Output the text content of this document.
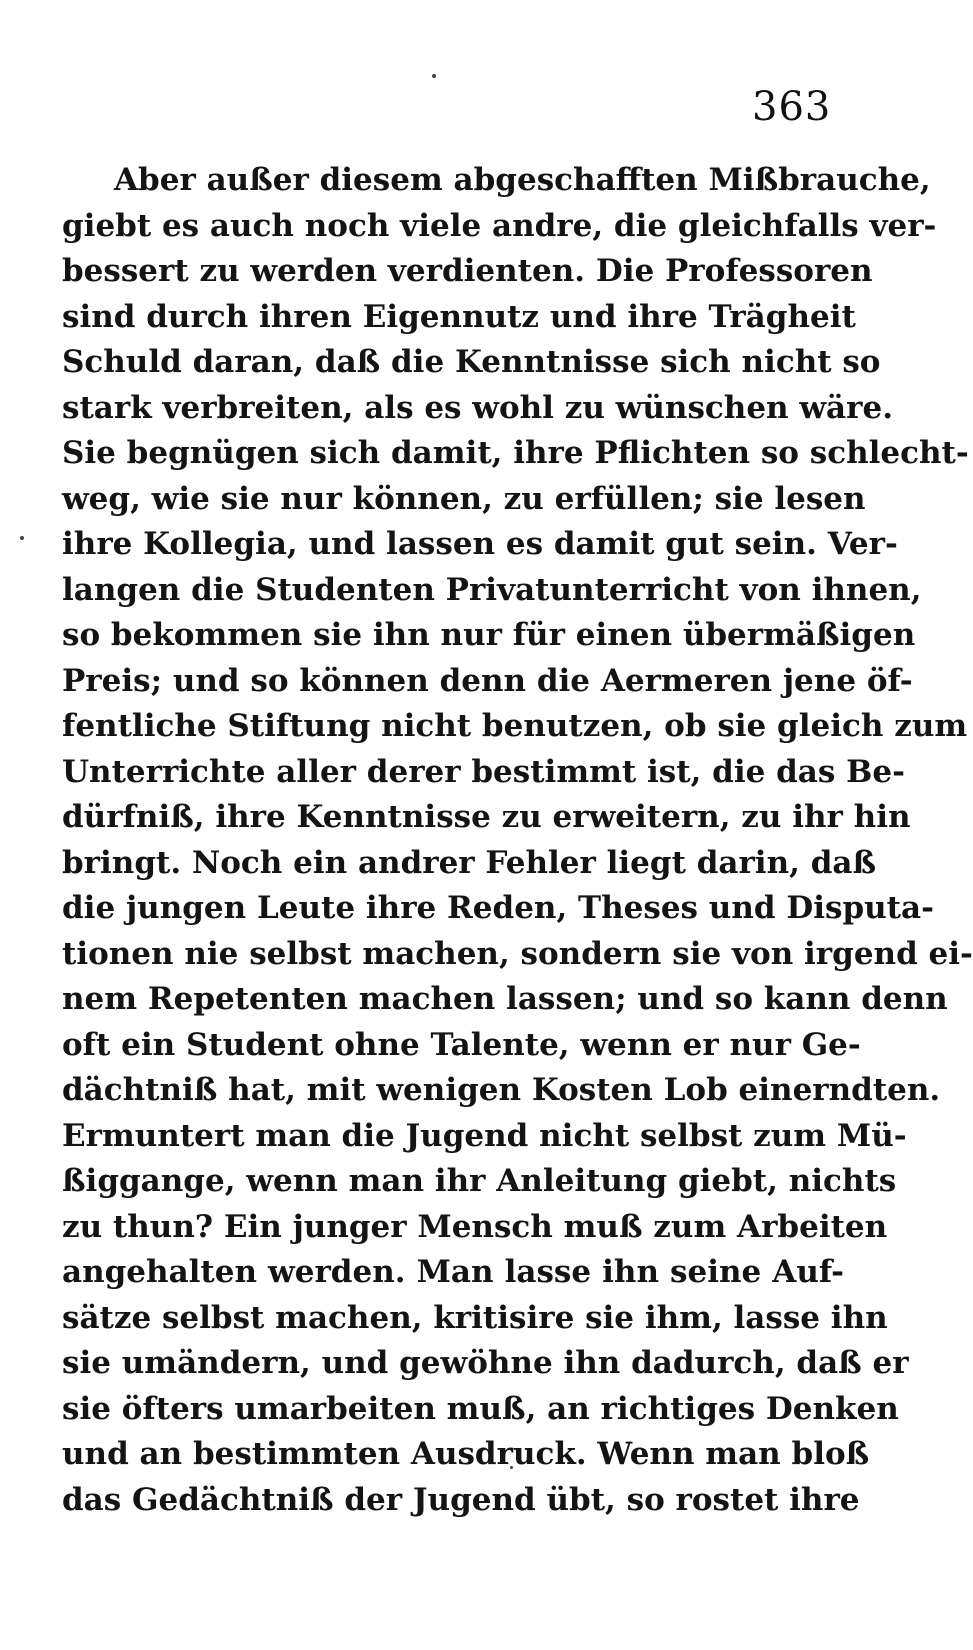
363
Aber außer diesem abgeschafften Mißbrauche,
giebt es auch noch viele andre, die gleichfalls ver-
bessert zu werden verdienten. Die Professoren
sind durch ihren Eigennutz und ihre Trägheit
Schuld daran, daß die Kenntnisse sich nicht so
stark verbreiten, als es wohl zu wünschen wäre.
Sie begnügen sich damit, ihre Pflichten so schlecht-
weg, wie sie nur können, zu erfüllen; sie lesen
ihre Kollegia, und lassen es damit gut sein. Ver-
langen die Studenten Privatunterricht von ihnen,
so bekommen sie ihn nur für einen übermäßigen
Preis; und so können denn die Aermeren jene öf-
fentliche Stiftung nicht benutzen, ob sie gleich zum
Unterrichte aller derer bestimmt ist, die das Be-
dürfniß, ihre Kenntnisse zu erweitern, zu ihr hin
bringt. Noch ein andrer Fehler liegt darin, daß
die jungen Leute ihre Reden, Theses und Disputa-
tionen nie selbst machen, sondern sie von irgend ei-
nem Repetenten machen lassen; und so kann denn
oft ein Student ohne Talente, wenn er nur Ge-
dächtniß hat, mit wenigen Kosten Lob einerndten.
Ermuntert man die Jugend nicht selbst zum Mü-
ßiggange, wenn man ihr Anleitung giebt, nichts
zu thun? Ein junger Mensch muß zum Arbeiten
angehalten werden. Man lasse ihn seine Auf-
sätze selbst machen, kritisire sie ihm, lasse ihn
sie umändern, und gewöhne ihn dadurch, daß er
sie öfters umarbeiten muß, an richtiges Denken
und an bestimmten Ausdruck. Wenn man bloß
das Gedächtniß der Jugend übt, so rostet ihre
